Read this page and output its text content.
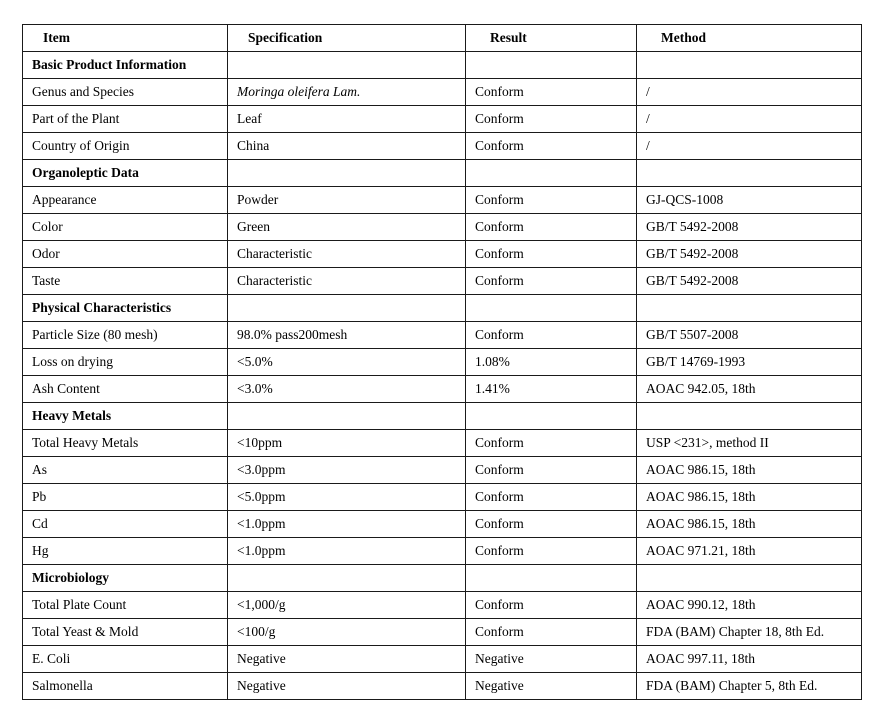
Item	Specification	Result	Method
Basic Product Information			
Genus and Species	Moringa oleifera Lam.	Conform	/
Part of the Plant	Leaf	Conform	/
Country of Origin	China	Conform	/
Organoleptic Data			
Appearance	Powder	Conform	GJ-QCS-1008
Color	Green	Conform	GB/T 5492-2008
Odor	Characteristic	Conform	GB/T 5492-2008
Taste	Characteristic	Conform	GB/T 5492-2008
Physical Characteristics			
Particle Size (80 mesh)	98.0% pass200mesh	Conform	GB/T 5507-2008
Loss on drying	<5.0%	1.08%	GB/T 14769-1993
Ash Content	<3.0%	1.41%	AOAC 942.05, 18th
Heavy Metals			
Total Heavy Metals	<10ppm	Conform	USP <231>, method II
As	<3.0ppm	Conform	AOAC 986.15, 18th
Pb	<5.0ppm	Conform	AOAC 986.15, 18th
Cd	<1.0ppm	Conform	AOAC 986.15, 18th
Hg	<1.0ppm	Conform	AOAC 971.21, 18th
Microbiology			
Total Plate Count	<1,000/g	Conform	AOAC 990.12, 18th
Total Yeast & Mold	<100/g	Conform	FDA (BAM) Chapter 18, 8th Ed.
E. Coli	Negative	Negative	AOAC 997.11, 18th
Salmonella	Negative	Negative	FDA (BAM) Chapter 5, 8th Ed.
